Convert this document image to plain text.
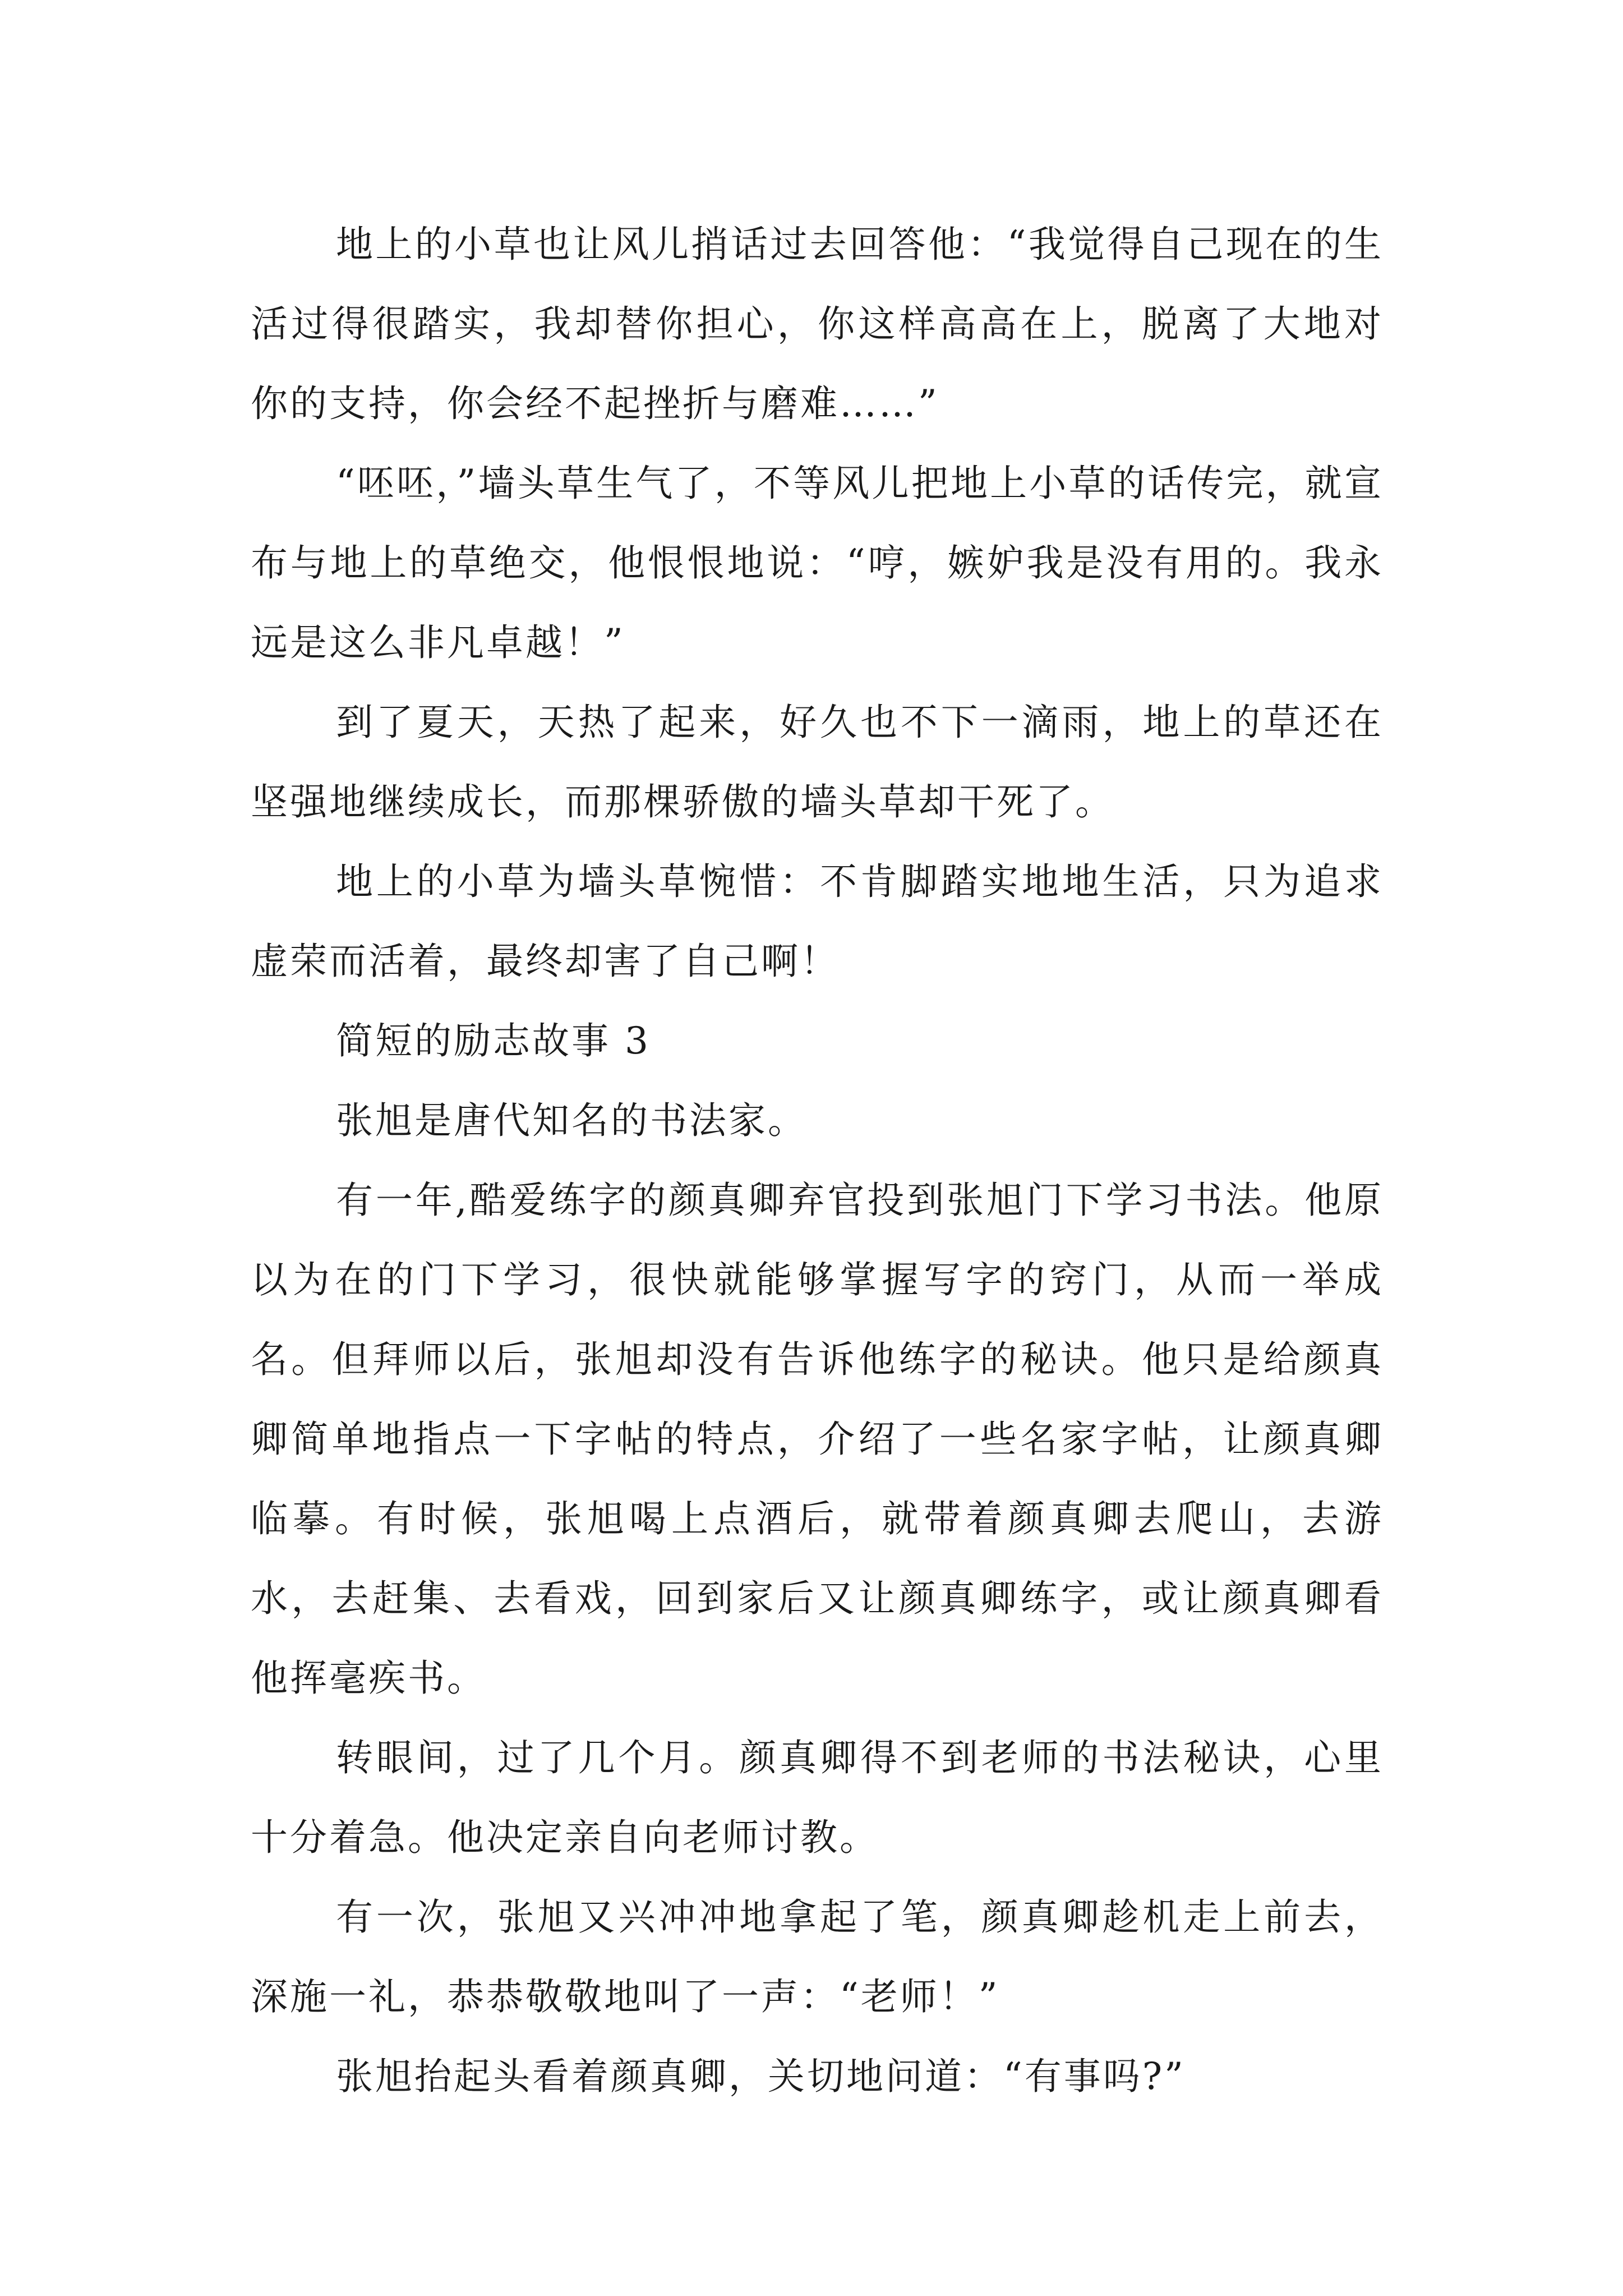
地上的小草也让风儿捎话过去回答他：“我觉得自己现在的生活过得很踏实，我却替你担心，你这样高高在上，脱离了大地对你的支持，你会经不起挫折与磨难……”

“呸呸，”墙头草生气了，不等风儿把地上小草的话传完，就宣布与地上的草绝交，他恨恨地说：“哼，嫉妒我是没有用的。我永远是这么非凡卓越！”

到了夏天，天热了起来，好久也不下一滴雨，地上的草还在坚强地继续成长，而那棵骄傲的墙头草却干死了。

地上的小草为墙头草惋惜：不肯脚踏实地地生活，只为追求虚荣而活着，最终却害了自己啊！

简短的励志故事 3

张旭是唐代知名的书法家。

有一年,酷爱练字的颜真卿弃官投到张旭门下学习书法。他原以为在的门下学习，很快就能够掌握写字的窍门，从而一举成名。但拜师以后，张旭却没有告诉他练字的秘诀。他只是给颜真卿简单地指点一下字帖的特点，介绍了一些名家字帖，让颜真卿临摹。有时候，张旭喝上点酒后，就带着颜真卿去爬山，去游水，去赶集、去看戏，回到家后又让颜真卿练字，或让颜真卿看他挥毫疾书。

转眼间，过了几个月。颜真卿得不到老师的书法秘诀，心里十分着急。他决定亲自向老师讨教。

有一次，张旭又兴冲冲地拿起了笔，颜真卿趁机走上前去，深施一礼，恭恭敬敬地叫了一声：“老师！”

张旭抬起头看着颜真卿，关切地问道：“有事吗?”
